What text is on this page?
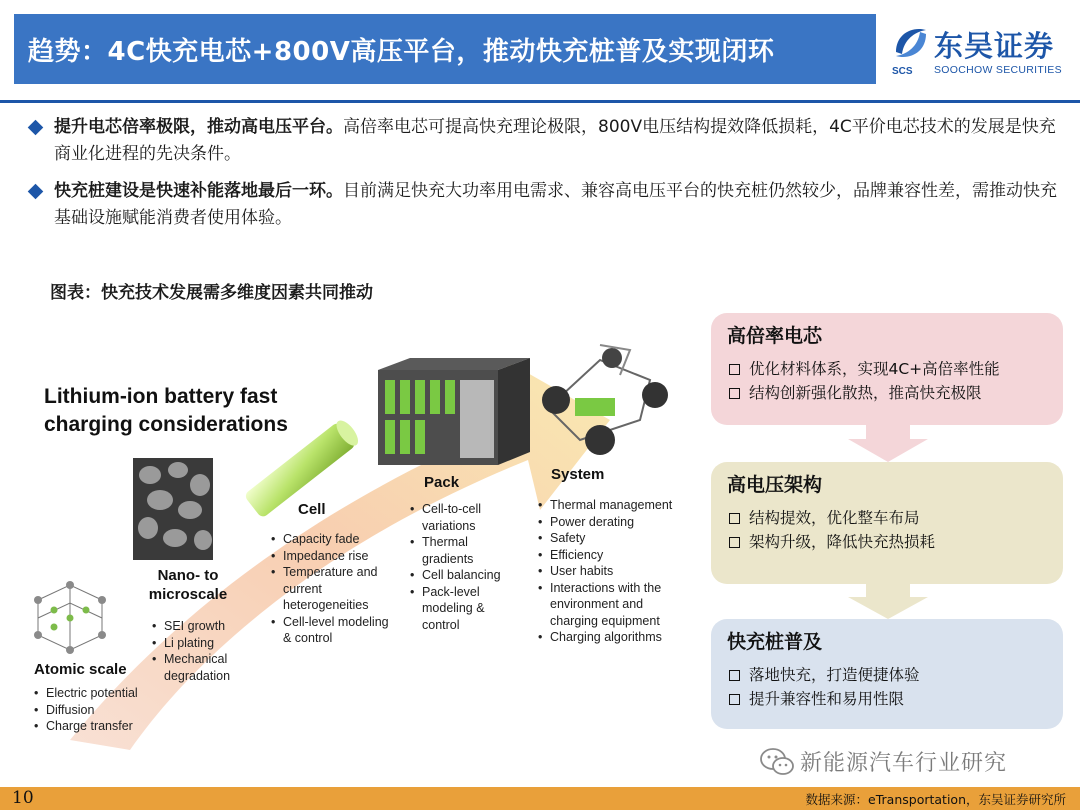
趋势：4C快充电芯+800V高压平台，推动快充桩普及实现闭环
SCS
东吴证券
SOOCHOW SECURITIES
提升电芯倍率极限，推动高电压平台。高倍率电芯可提高快充理论极限，800V电压结构提效降低损耗，4C平价电芯技术的发展是快充商业化进程的先决条件。
快充桩建设是快速补能落地最后一环。目前满足快充大功率用电需求、兼容高电压平台的快充桩仍然较少，品牌兼容性差，需推动快充基础设施赋能消费者使用体验。
图表：快充技术发展需多维度因素共同推动
Lithium-ion battery fast
charging considerations
Atomic scale
• Electric potential
• Diffusion
• Charge transfer
Nano- to
microscale
• SEI growth
• Li plating
• Mechanical degradation
Cell
• Capacity fade
• Impedance rise
• Temperature and current heterogeneities
• Cell-level modeling & control
Pack
• Cell-to-cell variations
• Thermal gradients
• Cell balancing
• Pack-level modeling & control
System
• Thermal management
• Power derating
• Safety
• Efficiency
• User habits
• Interactions with the environment and charging equipment
• Charging algorithms
高倍率电芯
优化材料体系，实现4C+高倍率性能
结构创新强化散热，推高快充极限
高电压架构
结构提效，优化整车布局
架构升级，降低快充热损耗
快充桩普及
落地快充，打造便捷体验
提升兼容性和易用性限
新能源汽车行业研究
10	数据来源：eTransportation，东吴证券研究所
